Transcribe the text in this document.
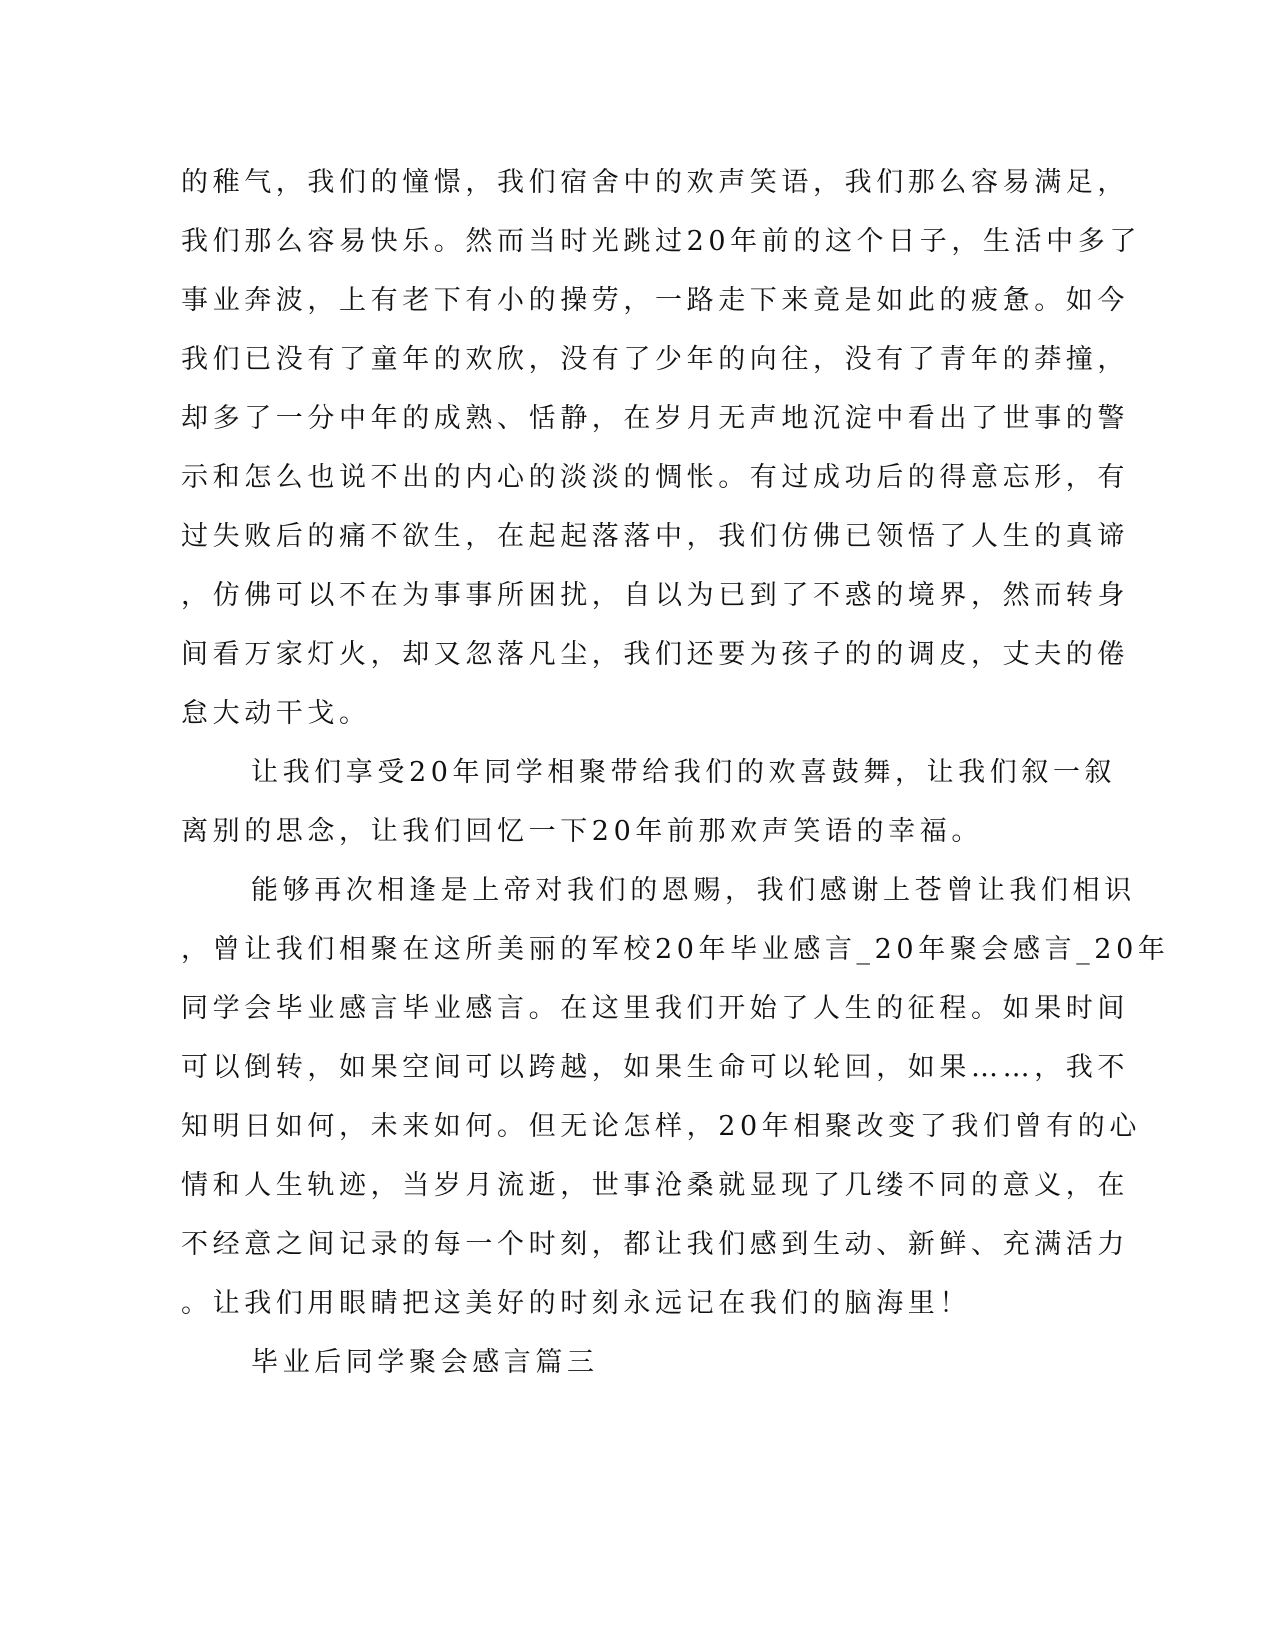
的稚气，我们的憧憬，我们宿舍中的欢声笑语，我们那么容易满足，
我们那么容易快乐。然而当时光跳过20年前的这个日子，生活中多了
事业奔波，上有老下有小的操劳，一路走下来竟是如此的疲惫。如今
我们已没有了童年的欢欣，没有了少年的向往，没有了青年的莽撞，
却多了一分中年的成熟、恬静，在岁月无声地沉淀中看出了世事的警
示和怎么也说不出的内心的淡淡的惆怅。有过成功后的得意忘形，有
过失败后的痛不欲生，在起起落落中，我们仿佛已领悟了人生的真谛
，仿佛可以不在为事事所困扰，自以为已到了不惑的境界，然而转身
间看万家灯火，却又忽落凡尘，我们还要为孩子的的调皮，丈夫的倦
怠大动干戈。
让我们享受20年同学相聚带给我们的欢喜鼓舞，让我们叙一叙
离别的思念，让我们回忆一下20年前那欢声笑语的幸福。
能够再次相逢是上帝对我们的恩赐，我们感谢上苍曾让我们相识
，曾让我们相聚在这所美丽的军校20年毕业感言_20年聚会感言_20年
同学会毕业感言毕业感言。在这里我们开始了人生的征程。如果时间
可以倒转，如果空间可以跨越，如果生命可以轮回，如果……，我不
知明日如何，未来如何。但无论怎样，20年相聚改变了我们曾有的心
情和人生轨迹，当岁月流逝，世事沧桑就显现了几缕不同的意义，在
不经意之间记录的每一个时刻，都让我们感到生动、新鲜、充满活力
。让我们用眼睛把这美好的时刻永远记在我们的脑海里！
毕业后同学聚会感言篇三
